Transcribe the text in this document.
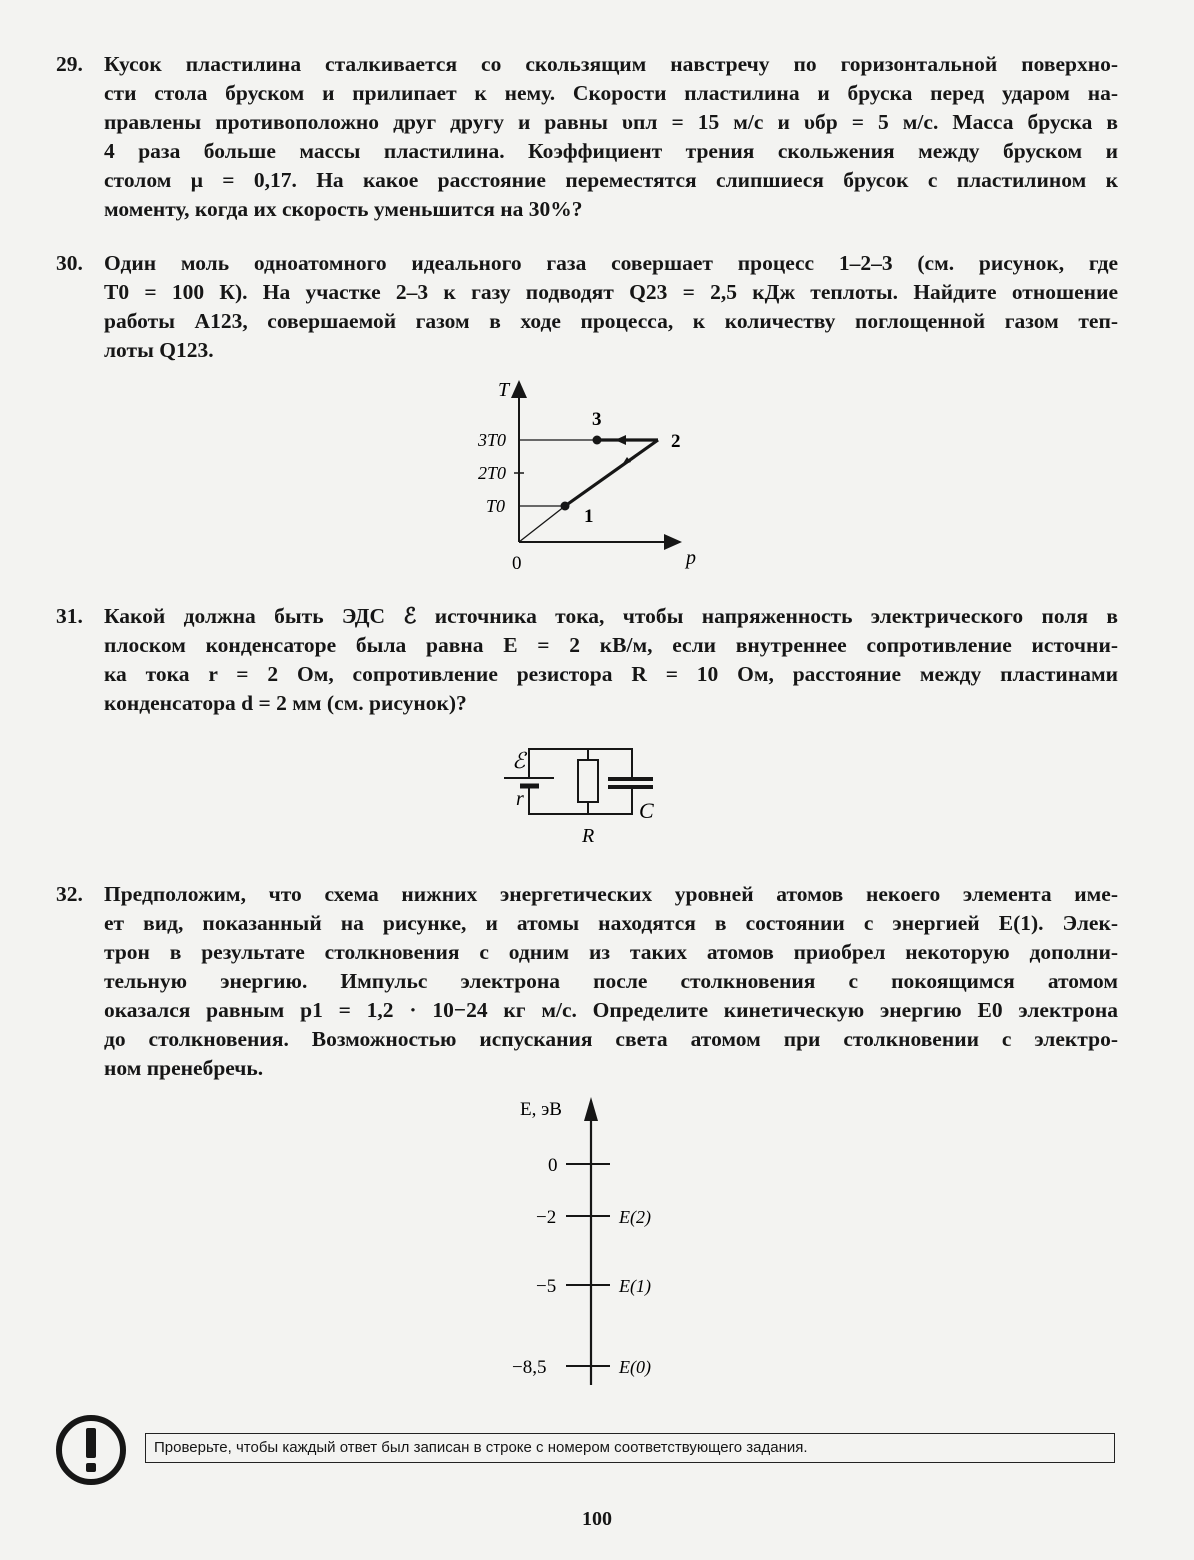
29. Кусок пластилина сталкивается со скользящим навстречу по горизонтальной поверхно-
сти стола бруском и прилипает к нему. Скорости пластилина и бруска перед ударом на-
правлены противоположно друг другу и равны υпл = 15 м/с и υбр = 5 м/с. Масса бруска в
4 раза больше массы пластилина. Коэффициент трения скольжения между бруском и
столом μ = 0,17. На какое расстояние переместятся слипшиеся брусок с пластилином к
моменту, когда их скорость уменьшится на 30%?
30. Один моль одноатомного идеального газа совершает процесс 1–2–3 (см. рисунок, где
T0 = 100 К). На участке 2–3 к газу подводят Q23 = 2,5 кДж теплоты. Найдите отношение
работы A123, совершаемой газом в ходе процесса, к количеству поглощенной газом теп-
лоты Q123.
T
p
0
3T0
2T0
T0	1
2
3
31. Какой должна быть ЭДС ℰ источника тока, чтобы напряженность электрического поля в
плоском конденсаторе была равна E = 2 кВ/м, если внутреннее сопротивление источни-
ка тока r = 2 Ом, сопротивление резистора R = 10 Ом, расстояние между пластинами
конденсатора d = 2 мм (см. рисунок)?
ℰ
r
R
C
32. Предположим, что схема нижних энергетических уровней атомов некоего элемента име-
ет вид, показанный на рисунке, и атомы находятся в состоянии с энергией E(1). Элек-
трон в результате столкновения с одним из таких атомов приобрел некоторую дополни-
тельную энергию. Импульс электрона после столкновения с покоящимся атомом
оказался равным p1 = 1,2 · 10−24 кг м/с. Определите кинетическую энергию E0 электрона
до столкновения. Возможностью испускания света атомом при столкновении с электро-
ном пренебречь.
E, эВ
0
−2	E(2)
−5	E(1)
−8,5	E(0)
Проверьте, чтобы каждый ответ был записан в строке с номером соответствующего задания.
100
